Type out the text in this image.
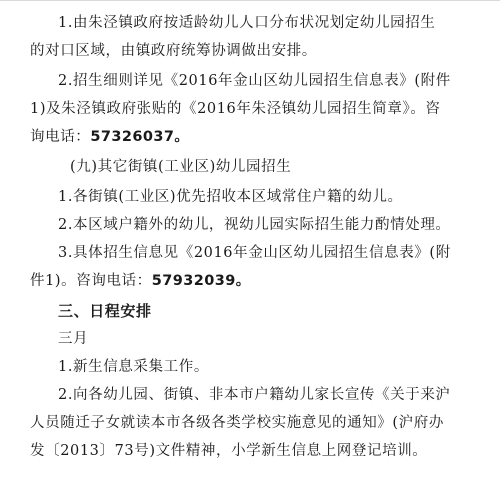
1.由朱泾镇政府按适龄幼儿人口分布状况划定幼儿园招生
的对口区域，由镇政府统筹协调做出安排。
2.招生细则详见《2016年金山区幼儿园招生信息表》(附件
1)及朱泾镇政府张贴的《2016年朱泾镇幼儿园招生简章》。咨
询电话：57326037。
(九)其它街镇(工业区)幼儿园招生
1.各街镇(工业区)优先招收本区域常住户籍的幼儿。
2.本区域户籍外的幼儿，视幼儿园实际招生能力酌情处理。
3.具体招生信息见《2016年金山区幼儿园招生信息表》(附
件1)。咨询电话：57932039。
三、日程安排
三月
1.新生信息采集工作。
2.向各幼儿园、街镇、非本市户籍幼儿家长宣传《关于来沪
人员随迁子女就读本市各级各类学校实施意见的通知》(沪府办
发〔2013〕73号)文件精神，小学新生信息上网登记培训。
